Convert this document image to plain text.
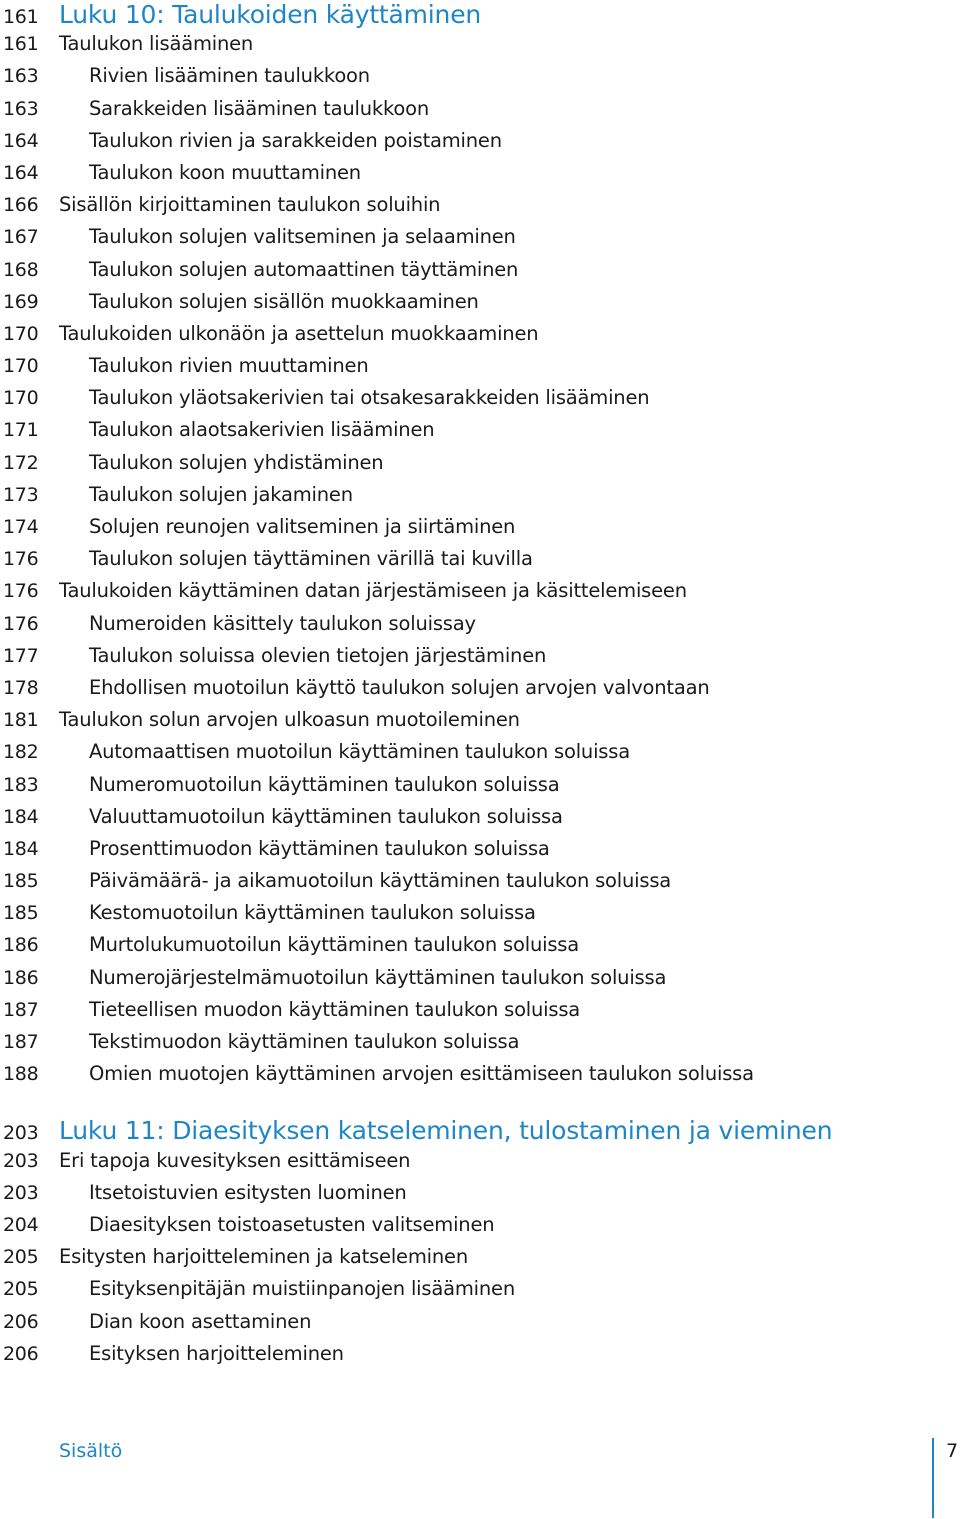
161 Luku 10: Taulukoiden käyttäminen
161	Taulukon lisääminen
163	Rivien lisääminen taulukkoon
163	Sarakkeiden lisääminen taulukkoon
164	Taulukon rivien ja sarakkeiden poistaminen
164	Taulukon koon muuttaminen
166	Sisällön kirjoittaminen taulukon soluihin
167	Taulukon solujen valitseminen ja selaaminen
168	Taulukon solujen automaattinen täyttäminen
169	Taulukon solujen sisällön muokkaaminen
170	Taulukoiden ulkonäön ja asettelun muokkaaminen
170	Taulukon rivien muuttaminen
170	Taulukon yläotsakerivien tai otsakesarakkeiden lisääminen
171	Taulukon alaotsakerivien lisääminen
172	Taulukon solujen yhdistäminen
173	Taulukon solujen jakaminen
174	Solujen reunojen valitseminen ja siirtäminen
176	Taulukon solujen täyttäminen värillä tai kuvilla
176	Taulukoiden käyttäminen datan järjestämiseen ja käsittelemiseen
176	Numeroiden käsittely taulukon soluissay
177	Taulukon soluissa olevien tietojen järjestäminen
178	Ehdollisen muotoilun käyttö taulukon solujen arvojen valvontaan
181	Taulukon solun arvojen ulkoasun muotoileminen
182	Automaattisen muotoilun käyttäminen taulukon soluissa
183	Numeromuotoilun käyttäminen taulukon soluissa
184	Valuuttamuotoilun käyttäminen taulukon soluissa
184	Prosenttimuodon käyttäminen taulukon soluissa
185	Päivämäärä- ja aikamuotoilun käyttäminen taulukon soluissa
185	Kestomuotoilun käyttäminen taulukon soluissa
186	Murtolukumuotoilun käyttäminen taulukon soluissa
186	Numerojärjestelmämuotoilun käyttäminen taulukon soluissa
187	Tieteellisen muodon käyttäminen taulukon soluissa
187	Tekstimuodon käyttäminen taulukon soluissa
188	Omien muotojen käyttäminen arvojen esittämiseen taulukon soluissa
203 Luku 11: Diaesityksen katseleminen, tulostaminen ja vieminen
203	Eri tapoja kuvesityksen esittämiseen
203	Itsetoistuvien esitysten luominen
204	Diaesityksen toistoasetusten valitseminen
205	Esitysten harjoitteleminen ja katseleminen
205	Esityksenpitäjän muistiinpanojen lisääminen
206	Dian koon asettaminen
206	Esityksen harjoitteleminen
Sisältö	7
